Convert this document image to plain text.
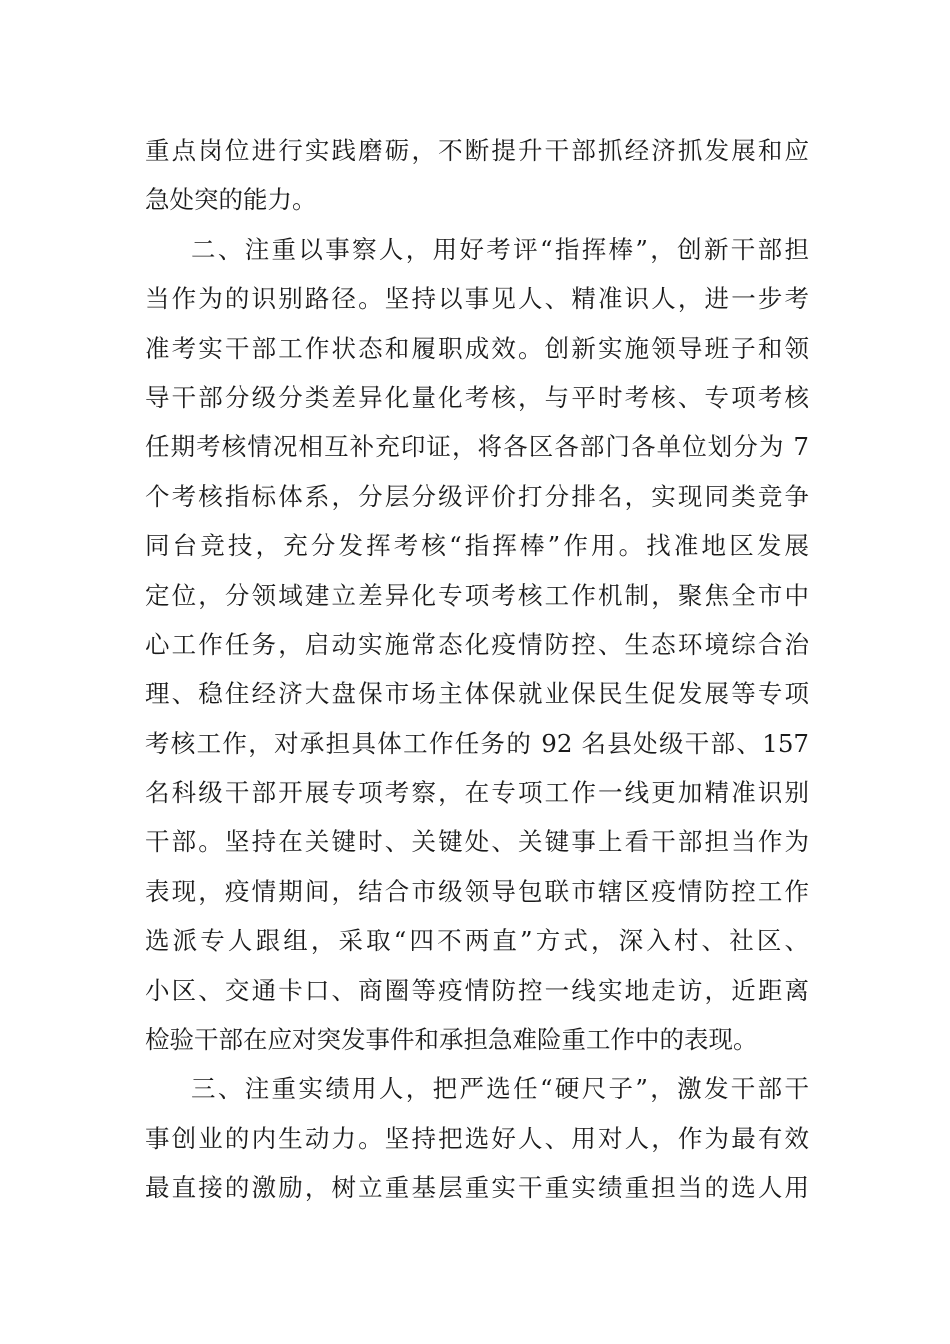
重点岗位进行实践磨砺，不断提升干部抓经济抓发展和应
急处突的能力。
二、注重以事察人，用好考评“指挥棒”，创新干部担
当作为的识别路径。坚持以事见人、精准识人，进一步考
准考实干部工作状态和履职成效。创新实施领导班子和领
导干部分级分类差异化量化考核，与平时考核、专项考核
任期考核情况相互补充印证，将各区各部门各单位划分为 7
个考核指标体系，分层分级评价打分排名，实现同类竞争
同台竞技，充分发挥考核“指挥棒”作用。找准地区发展
定位，分领域建立差异化专项考核工作机制，聚焦全市中
心工作任务，启动实施常态化疫情防控、生态环境综合治
理、稳住经济大盘保市场主体保就业保民生促发展等专项
考核工作，对承担具体工作任务的 92 名县处级干部、157
名科级干部开展专项考察，在专项工作一线更加精准识别
干部。坚持在关键时、关键处、关键事上看干部担当作为
表现，疫情期间，结合市级领导包联市辖区疫情防控工作
选派专人跟组，采取“四不两直”方式，深入村、社区、
小区、交通卡口、商圈等疫情防控一线实地走访，近距离
检验干部在应对突发事件和承担急难险重工作中的表现。
三、注重实绩用人，把严选任“硬尺子”，激发干部干
事创业的内生动力。坚持把选好人、用对人，作为最有效
最直接的激励，树立重基层重实干重实绩重担当的选人用
